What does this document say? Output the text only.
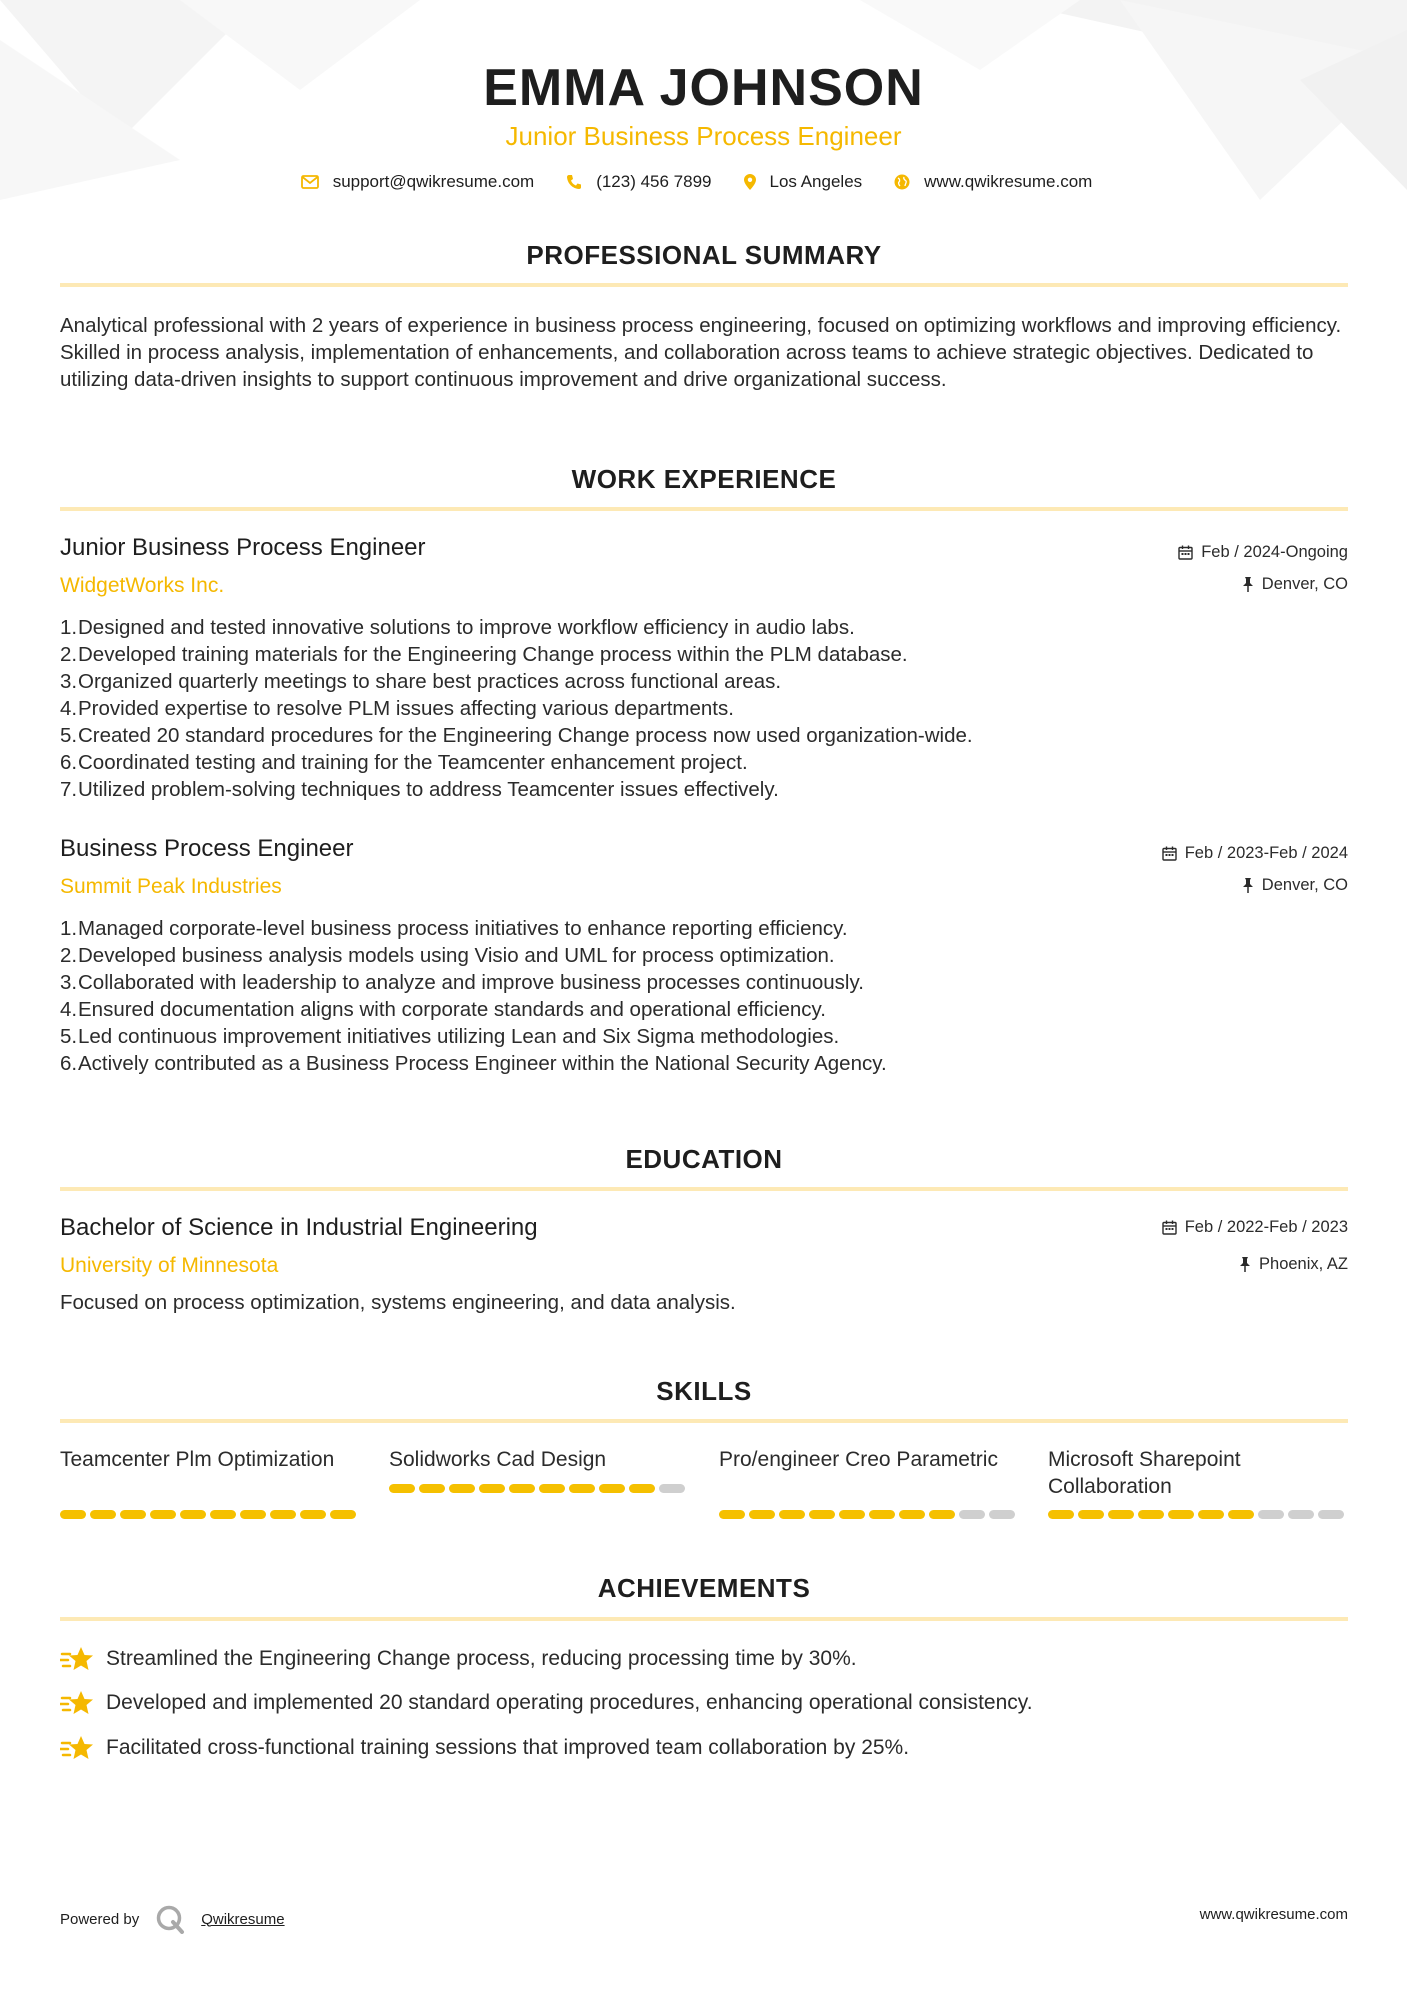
EMMA JOHNSON
Junior Business Process Engineer
support@qwikresume.com	(123) 456 7899	Los Angeles	www.qwikresume.com
PROFESSIONAL SUMMARY
Analytical professional with 2 years of experience in business process engineering, focused on optimizing workflows and improving efficiency. Skilled in process analysis, implementation of enhancements, and collaboration across teams to achieve strategic objectives. Dedicated to utilizing data-driven insights to support continuous improvement and drive organizational success.
WORK EXPERIENCE
Junior Business Process Engineer
WidgetWorks Inc.
Feb / 2024-Ongoing
Denver, CO
1. Designed and tested innovative solutions to improve workflow efficiency in audio labs.
2. Developed training materials for the Engineering Change process within the PLM database.
3. Organized quarterly meetings to share best practices across functional areas.
4. Provided expertise to resolve PLM issues affecting various departments.
5. Created 20 standard procedures for the Engineering Change process now used organization-wide.
6. Coordinated testing and training for the Teamcenter enhancement project.
7. Utilized problem-solving techniques to address Teamcenter issues effectively.
Business Process Engineer
Summit Peak Industries
Feb / 2023-Feb / 2024
Denver, CO
1. Managed corporate-level business process initiatives to enhance reporting efficiency.
2. Developed business analysis models using Visio and UML for process optimization.
3. Collaborated with leadership to analyze and improve business processes continuously.
4. Ensured documentation aligns with corporate standards and operational efficiency.
5. Led continuous improvement initiatives utilizing Lean and Six Sigma methodologies.
6. Actively contributed as a Business Process Engineer within the National Security Agency.
EDUCATION
Bachelor of Science in Industrial Engineering
University of Minnesota
Feb / 2022-Feb / 2023
Phoenix, AZ
Focused on process optimization, systems engineering, and data analysis.
SKILLS
Teamcenter Plm Optimization	Solidworks Cad Design	Pro/engineer Creo Parametric	Microsoft Sharepoint Collaboration
ACHIEVEMENTS
Streamlined the Engineering Change process, reducing processing time by 30%.
Developed and implemented 20 standard operating procedures, enhancing operational consistency.
Facilitated cross-functional training sessions that improved team collaboration by 25%.
Powered by	Qwikresume	www.qwikresume.com
